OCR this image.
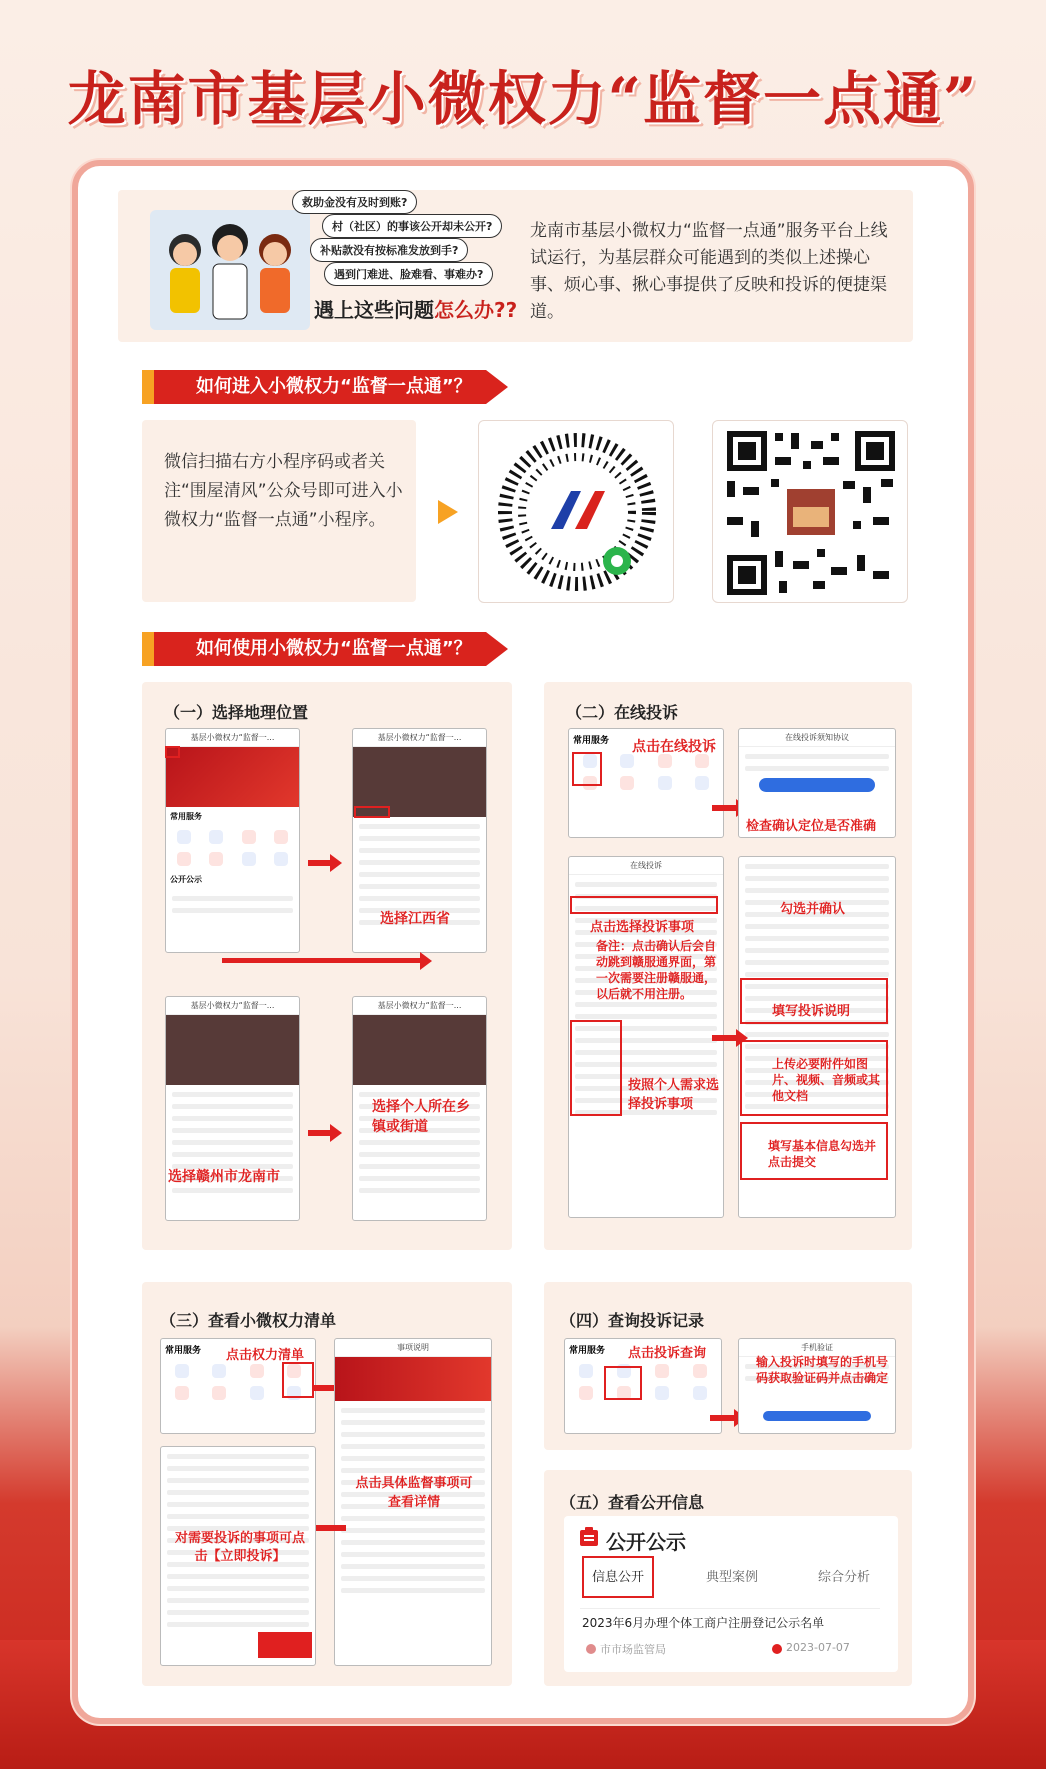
龙南市基层小微权力“监督一点通”
救助金没有及时到账?
村（社区）的事该公开却未公开?
补贴款没有按标准发放到手?
遇到门难进、脸难看、事难办?
遇上这些问题怎么办??
龙南市基层小微权力“监督一点通”服务平台上线试运行，为基层群众可能遇到的类似上述操心事、烦心事、揪心事提供了反映和投诉的便捷渠道。
如何进入小微权力“监督一点通”？
微信扫描右方小程序码或者关注“围屋清风”公众号即可进入小微权力“监督一点通”小程序。
如何使用小微权力“监督一点通”？
（一）选择地理位置
基层小微权力“监督一...
常用服务
公开公示
基层小微权力“监督一...
选择江西省
基层小微权力“监督一...
选择赣州市龙南市
基层小微权力“监督一...
选择个人所在乡镇或街道
（二）在线投诉
常用服务	点击在线投诉
在线投诉须知协议
检查确认定位是否准确
在线投诉
点击选择投诉事项
备注：点击确认后会自动跳到赣服通界面，第一次需要注册赣服通，以后就不用注册。
按照个人需求选择投诉事项
勾选并确认
填写投诉说明
上传必要附件如图片、视频、音频或其他文档
填写基本信息勾选并点击提交
（三）查看小微权力清单
常用服务	点击权力清单
事项说明
点击具体监督事项可查看详情
对需要投诉的事项可点击【立即投诉】
（四）查询投诉记录
常用服务	点击投诉查询	手机验证
输入投诉时填写的手机号码获取验证码并点击确定
（五）查看公开信息
公开公示
信息公开	典型案例	综合分析
2023年6月办理个体工商户注册登记公示名单
市市场监管局	2023-07-07
